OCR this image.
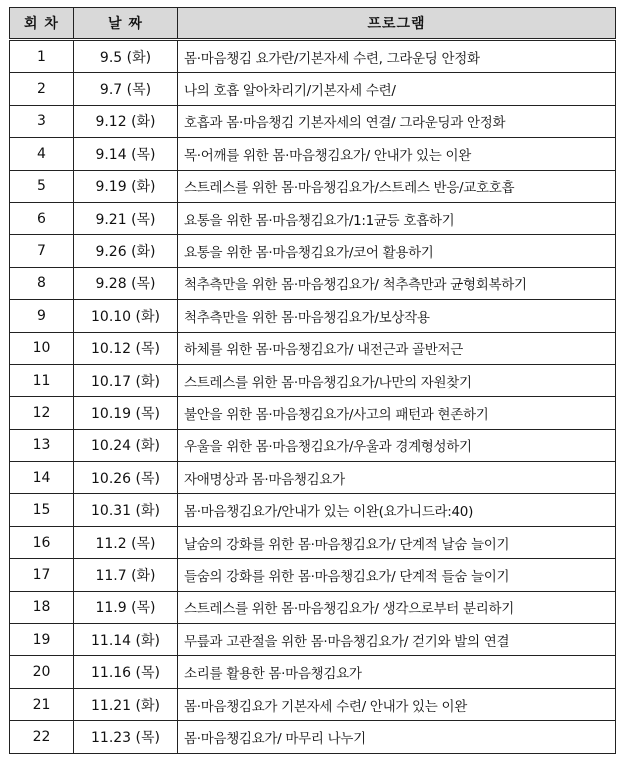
회 차	날 짜	프로그램
1	9.5 (화)	몸·마음챙김 요가란/기본자세 수련, 그라운딩 안정화
2	9.7 (목)	나의 호흡 알아차리기/기본자세 수련/
3	9.12 (화)	호흡과 몸·마음챙김 기본자세의 연결/ 그라운딩과 안정화
4	9.14 (목)	목·어깨를 위한 몸·마음챙김요가/ 안내가 있는 이완
5	9.19 (화)	스트레스를 위한 몸·마음챙김요가/스트레스 반응/교호호흡
6	9.21 (목)	요통을 위한 몸·마음챙김요가/1:1균등 호흡하기
7	9.26 (화)	요통을 위한 몸·마음챙김요가/코어 활용하기
8	9.28 (목)	척추측만을 위한 몸·마음챙김요가/ 척추측만과 균형회복하기
9	10.10 (화)	척추측만을 위한 몸·마음챙김요가/보상작용
10	10.12 (목)	하체를 위한 몸·마음챙김요가/ 내전근과 골반저근
11	10.17 (화)	스트레스를 위한 몸·마음챙김요가/나만의 자원찾기
12	10.19 (목)	불안을 위한 몸·마음챙김요가/사고의 패턴과 현존하기
13	10.24 (화)	우울을 위한 몸·마음챙김요가/우울과 경계형성하기
14	10.26 (목)	자애명상과 몸·마음챙김요가
15	10.31 (화)	몸·마음챙김요가/안내가 있는 이완(요가니드라:40)
16	11.2 (목)	날숨의 강화를 위한 몸·마음챙김요가/ 단계적 날숨 늘이기
17	11.7 (화)	들숨의 강화를 위한 몸·마음챙김요가/ 단계적 들숨 늘이기
18	11.9 (목)	스트레스를 위한 몸·마음챙김요가/ 생각으로부터 분리하기
19	11.14 (화)	무릎과 고관절을 위한 몸·마음챙김요가/ 걷기와 발의 연결
20	11.16 (목)	소리를 활용한 몸·마음챙김요가
21	11.21 (화)	몸·마음챙김요가 기본자세 수련/ 안내가 있는 이완
22	11.23 (목)	몸·마음챙김요가/ 마무리 나누기
